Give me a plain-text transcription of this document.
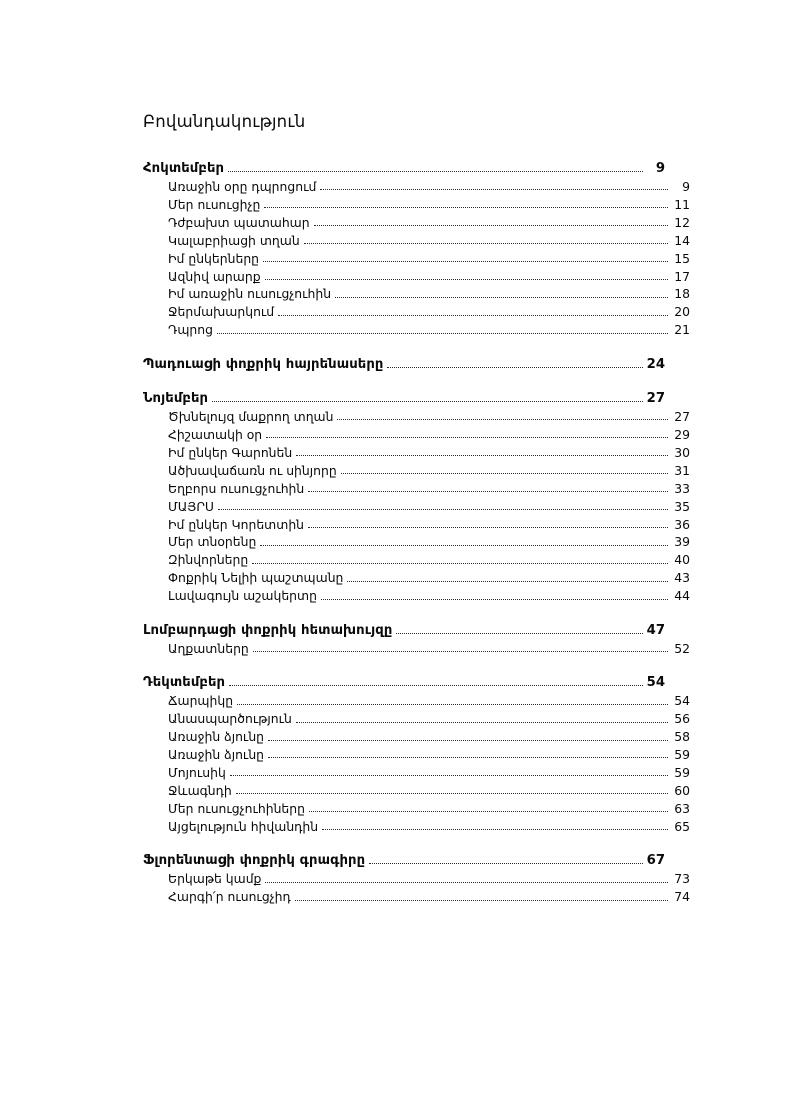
Բովանդակություն
Հոկտեմբեր	9
Առաջին օրը դպրոցում	9
Մեր ուսուցիչը	11
Դժբախտ պատահար	12
Կալաբրիացի տղան	14
Իմ ընկերները	15
Ազնիվ արարք	17
Իմ առաջին ուսուցչուհին	18
Ջերմախարկում	20
Դպրոց	21
Պադուացի փոքրիկ հայրենասերը	24
Նոյեմբեր	27
Ծխնելույզ մաքրող տղան	27
Հիշատակի օր	29
Իմ ընկեր Գարոնեն	30
Ածխավաճառն ու սինյորը	31
Եղբորս ուսուցչուհին	33
ՄԱՅՐՍ	35
Իմ ընկեր Կորետտին	36
Մեր տնօրենը	39
Զինվորները	40
Փոքրիկ Նելիի պաշտպանը	43
Լավագույն աշակերտը	44
Լոմբարդացի փոքրիկ հետախույզը	47
Աղքատները	52
Դեկտեմբեր	54
Ճարպիկը	54
Անասպարծություն	56
Առաջին ձյունը	58
Առաջին ձյունը	59
Մոյուսիկ	59
Ջևագնդի	60
Մեր ուսուցչուհիները	63
Այցելություն հիվանդին	65
Ֆլորենտացի փոքրիկ գրագիրը	67
Երկաթե կամք	73
Հարգի՛ր ուսուցչիդ	74
